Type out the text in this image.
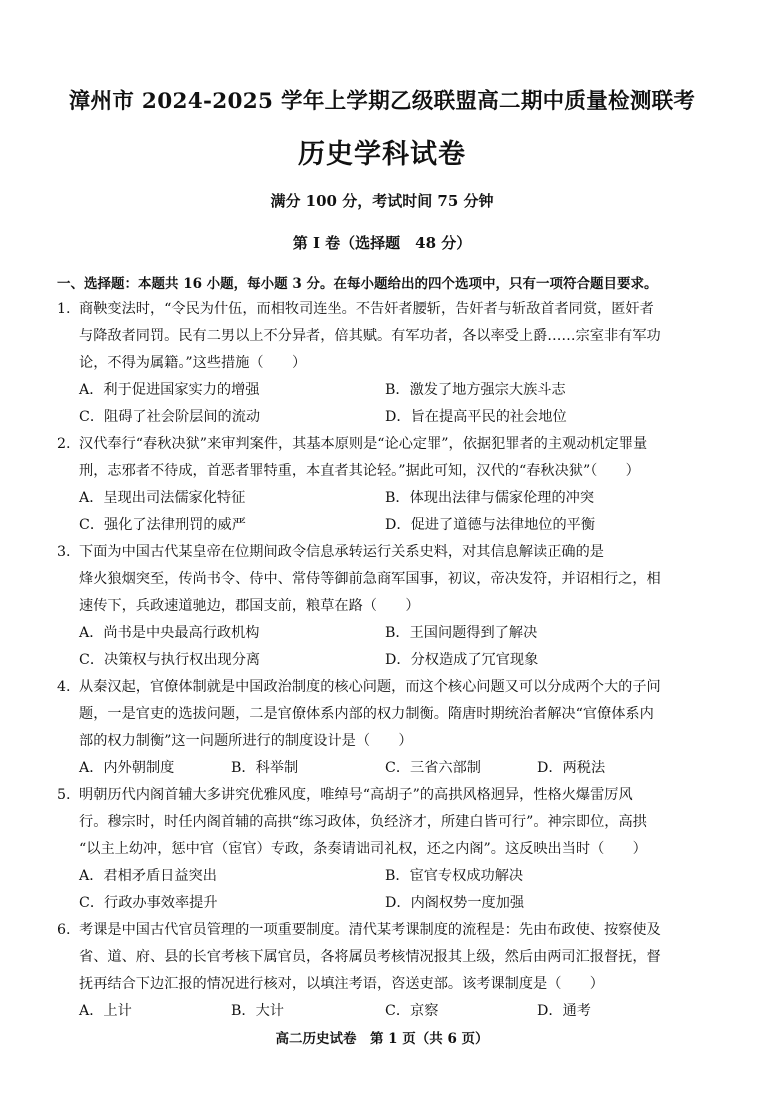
漳州市 2024-2025 学年上学期乙级联盟高二期中质量检测联考
历史学科试卷
满分 100 分，考试时间 75 分钟
第 Ⅰ 卷（选择题　48 分）
一、选择题：本题共 16 小题，每小题 3 分。在每小题给出的四个选项中，只有一项符合题目要求。
1. 商鞅变法时，“令民为什伍，而相牧司连坐。不告奸者腰斩，告奸者与斩敌首者同赏，匿奸者
与降敌者同罚。民有二男以上不分异者，倍其赋。有军功者，各以率受上爵……宗室非有军功
论，不得为属籍。”这些措施（　　）
A．利于促进国家实力的增强	B．激发了地方强宗大族斗志
C．阻碍了社会阶层间的流动	D．旨在提高平民的社会地位
2. 汉代奉行“春秋决狱”来审判案件，其基本原则是“论心定罪”，依据犯罪者的主观动机定罪量
刑，志邪者不待成，首恶者罪特重，本直者其论轻。”据此可知，汉代的“春秋决狱”（　　）
A．呈现出司法儒家化特征	B．体现出法律与儒家伦理的冲突
C．强化了法律刑罚的威严	D．促进了道德与法律地位的平衡
3. 下面为中国古代某皇帝在位期间政令信息承转运行关系史料，对其信息解读正确的是
烽火狼烟突至，传尚书令、侍中、常侍等御前急商军国事，初议，帝决发符，并诏相行之，相
速传下，兵政速道驰边，郡国支前，粮草在路（　　）
A．尚书是中央最高行政机构	B．王国问题得到了解决
C．决策权与执行权出现分离	D．分权造成了冗官现象
4. 从秦汉起，官僚体制就是中国政治制度的核心问题，而这个核心问题又可以分成两个大的子问
题，一是官吏的选拔问题，二是官僚体系内部的权力制衡。隋唐时期统治者解决“官僚体系内
部的权力制衡”这一问题所进行的制度设计是（　　）
A．内外朝制度	B．科举制	C．三省六部制	D．两税法
5. 明朝历代内阁首辅大多讲究优雅风度，唯绰号“高胡子”的高拱风格迥异，性格火爆雷厉风
行。穆宗时，时任内阁首辅的高拱“练习政体，负经济才，所建白皆可行”。神宗即位，高拱
“以主上幼冲，惩中官（宦官）专政，条奏请诎司礼权，还之内阁”。这反映出当时（　　）
A．君相矛盾日益突出	B．宦官专权成功解决
C．行政办事效率提升	D．内阁权势一度加强
6. 考课是中国古代官员管理的一项重要制度。清代某考课制度的流程是：先由布政使、按察使及
省、道、府、县的长官考核下属官员，各将属员考核情况报其上级，然后由两司汇报督抚，督
抚再结合下边汇报的情况进行核对，以填注考语，咨送吏部。该考课制度是（　　）
A．上计	B．大计	C．京察	D．通考
高二历史试卷　第 1 页（共 6 页）
